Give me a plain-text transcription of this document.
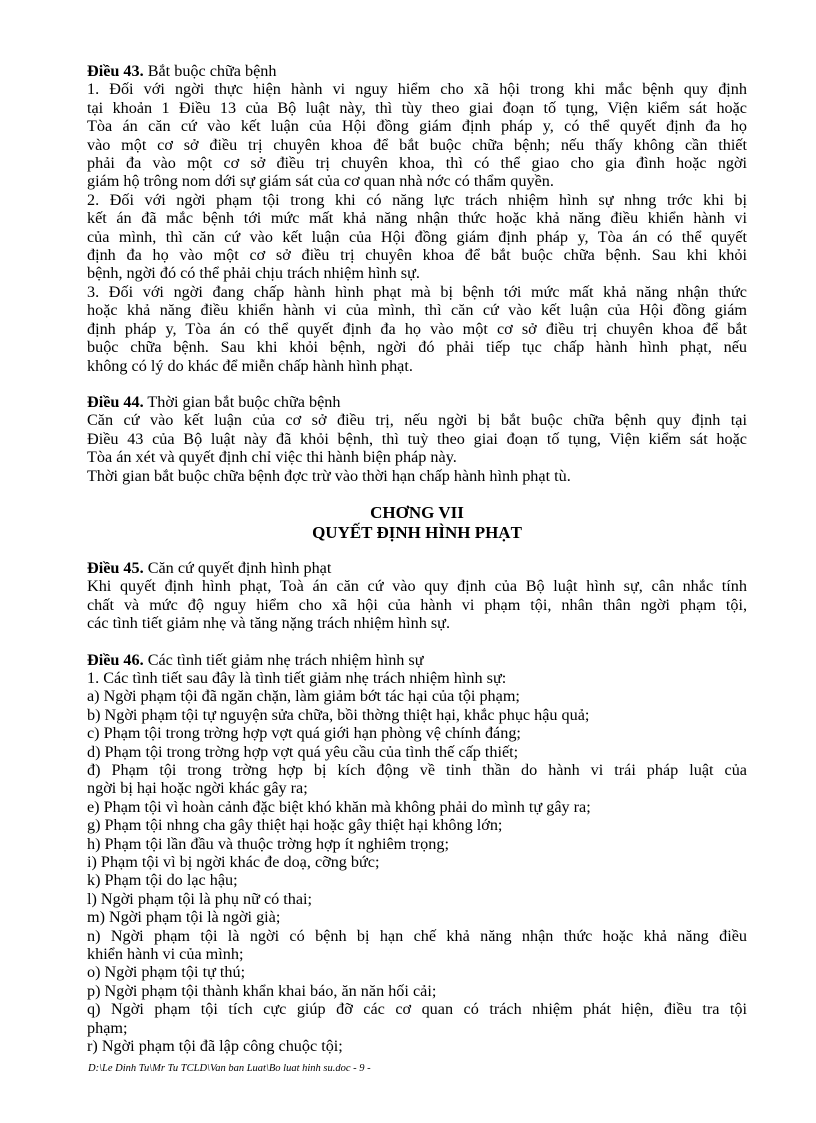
Điều 43. Bắt buộc chữa bệnh
1. Đối với ngời thực hiện hành vi nguy hiểm cho xã hội trong khi mắc bệnh quy định
tại khoản 1 Điều 13 của Bộ luật này, thì tùy theo giai đoạn tố tụng, Viện kiểm sát hoặc
Tòa án căn cứ vào kết luận của Hội đồng giám định pháp y, có thể quyết định đa họ
vào một cơ sở điều trị chuyên khoa để bắt buộc chữa bệnh; nếu thấy không cần thiết
phải đa vào một cơ sở điều trị chuyên khoa, thì có thể giao cho gia đình hoặc ngời
giám hộ trông nom dới sự giám sát của cơ quan nhà nớc có thẩm quyền.
2. Đối với ngời phạm tội trong khi có năng lực trách nhiệm hình sự nhng trớc khi bị
kết án đã mắc bệnh tới mức mất khả năng nhận thức hoặc khả năng điều khiển hành vi
của mình, thì căn cứ vào kết luận của Hội đồng giám định pháp y, Tòa án có thể quyết
định đa họ vào một cơ sở điều trị chuyên khoa để bắt buộc chữa bệnh. Sau khi khỏi
bệnh, ngời đó có thể phải chịu trách nhiệm hình sự.
3. Đối với ngời đang chấp hành hình phạt mà bị bệnh tới mức mất khả năng nhận thức
hoặc khả năng điều khiển hành vi của mình, thì căn cứ vào kết luận của Hội đồng giám
định pháp y, Tòa án có thể quyết định đa họ vào một cơ sở điều trị chuyên khoa để bắt
buộc chữa bệnh. Sau khi khỏi bệnh, ngời đó phải tiếp tục chấp hành hình phạt, nếu
không có lý do khác để miễn chấp hành hình phạt.
Điều 44. Thời gian bắt buộc chữa bệnh
Căn cứ vào kết luận của cơ sở điều trị, nếu ngời bị bắt buộc chữa bệnh quy định tại
Điều 43 của Bộ luật này đã khỏi bệnh, thì tuỳ theo giai đoạn tố tụng, Viện kiểm sát hoặc
Tòa án xét và quyết định chỉ việc thi hành biện pháp này.
Thời gian bắt buộc chữa bệnh đợc trừ vào thời hạn chấp hành hình phạt tù.
CHƠNG VII
QUYẾT ĐỊNH HÌNH PHẠT
Điều 45. Căn cứ quyết định hình phạt
Khi quyết định hình phạt, Toà án căn cứ vào quy định của Bộ luật hình sự, cân nhắc tính
chất và mức độ nguy hiểm cho xã hội của hành vi phạm tội, nhân thân ngời phạm tội,
các tình tiết giảm nhẹ và tăng nặng trách nhiệm hình sự.
Điều 46. Các tình tiết giảm nhẹ trách nhiệm hình sự
1. Các tình tiết sau đây là tình tiết giảm nhẹ trách nhiệm hình sự:
a) Ngời phạm tội đã ngăn chặn, làm giảm bớt tác hại của tội phạm;
b) Ngời phạm tội tự nguyện sửa chữa, bồi thờng thiệt hại, khắc phục hậu quả;
c) Phạm tội trong trờng hợp vợt quá giới hạn phòng vệ chính đáng;
d) Phạm tội trong trờng hợp vợt quá yêu cầu của tình thế cấp thiết;
đ) Phạm tội trong trờng hợp bị kích động về tinh thần do hành vi trái pháp luật của
ngời bị hại hoặc ngời khác gây ra;
e) Phạm tội vì hoàn cảnh đặc biệt khó khăn mà không phải do mình tự gây ra;
g) Phạm tội nhng cha gây thiệt hại hoặc gây thiệt hại không lớn;
h) Phạm tội lần đầu và thuộc trờng hợp ít nghiêm trọng;
i) Phạm tội vì bị ngời khác đe doạ, cỡng bức;
k) Phạm tội do lạc hậu;
l) Ngời phạm tội là phụ nữ có thai;
m) Ngời phạm tội là ngời già;
n) Ngời phạm tội là ngời có bệnh bị hạn chế khả năng nhận thức hoặc khả năng điều
khiển hành vi của mình;
o) Ngời phạm tội tự thú;
p) Ngời phạm tội thành khẩn khai báo, ăn năn hối cải;
q) Ngời phạm tội tích cực giúp đỡ các cơ quan có trách nhiệm phát hiện, điều tra tội
phạm;
r) Ngời phạm tội đã lập công chuộc tội;
D:\Le Dinh Tu\Mr Tu TCLD\Van ban Luat\Bo luat hinh su.doc - 9 -
